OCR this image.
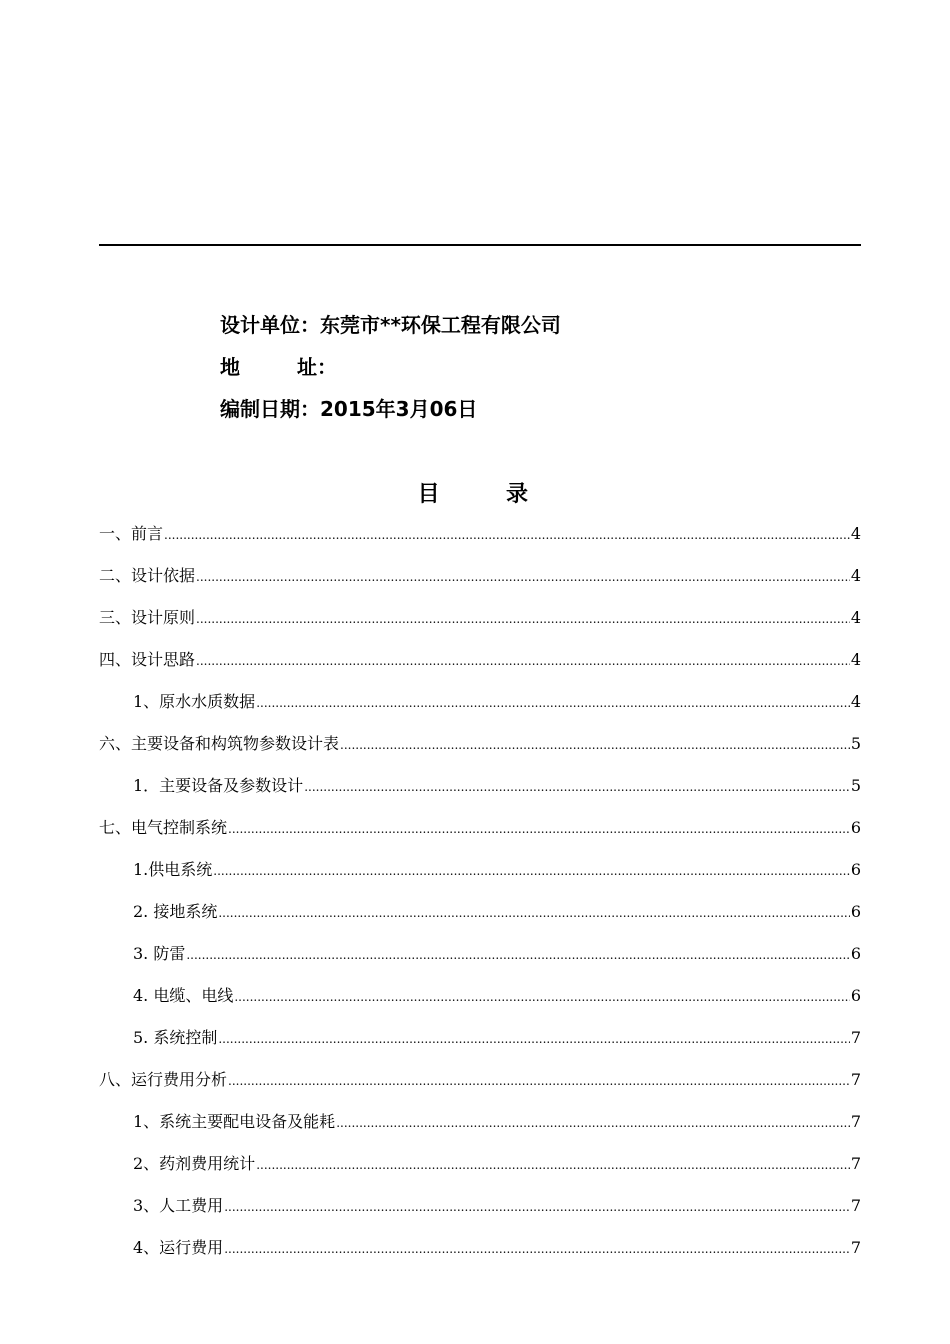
设计单位：东莞市**环保工程有限公司
地 址：
编制日期：2015年3月06日
目 录
一、前言 .....	4
二、设计依据 .....	4
三、设计原则 .....	4
四、设计思路 .....	4
1、原水水质数据 .....	4
六、主要设备和构筑物参数设计表 .....	5
1．主要设备及参数设计 .....	5
七、电气控制系统 .....	6
1.供电系统 .....	6
2. 接地系统 .....	6
3. 防雷 .....	6
4. 电缆、电线 .....	6
5. 系统控制 .....	7
八、运行费用分析 .....	7
1、系统主要配电设备及能耗 .....	7
2、药剂费用统计 .....	7
3、人工费用 .....	7
4、运行费用 .....	7
